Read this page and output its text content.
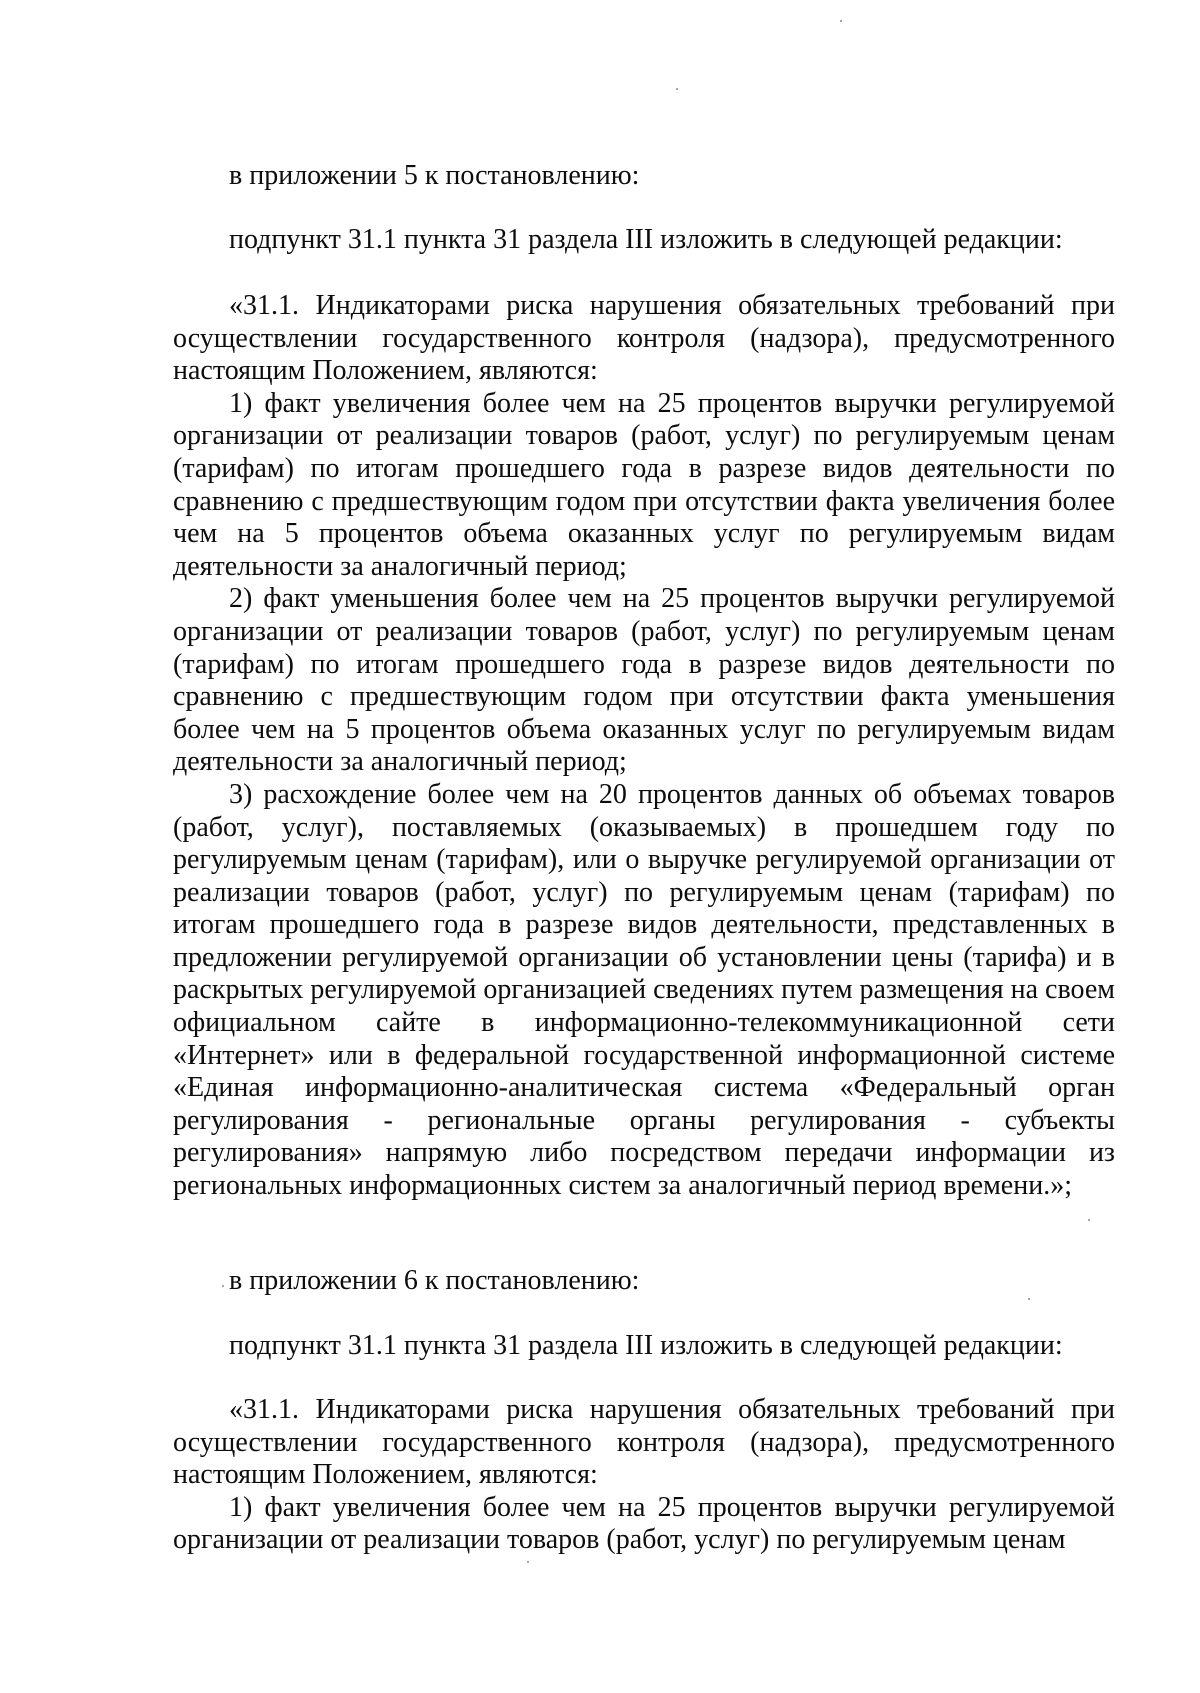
в приложении 5 к постановлению:

подпункт 31.1 пункта 31 раздела III изложить в следующей редакции:

«31.1. Индикаторами риска нарушения обязательных требований при осуществлении государственного контроля (надзора), предусмотренного настоящим Положением, являются:

1) факт увеличения более чем на 25 процентов выручки регулируемой организации от реализации товаров (работ, услуг) по регулируемым ценам (тарифам) по итогам прошедшего года в разрезе видов деятельности по сравнению с предшествующим годом при отсутствии факта увеличения более чем на 5 процентов объема оказанных услуг по регулируемым видам деятельности за аналогичный период;

2) факт уменьшения более чем на 25 процентов выручки регулируемой организации от реализации товаров (работ, услуг) по регулируемым ценам (тарифам) по итогам прошедшего года в разрезе видов деятельности по сравнению с предшествующим годом при отсутствии факта уменьшения более чем на 5 процентов объема оказанных услуг по регулируемым видам деятельности за аналогичный период;

3) расхождение более чем на 20 процентов данных об объемах товаров (работ, услуг), поставляемых (оказываемых) в прошедшем году по регулируемым ценам (тарифам), или о выручке регулируемой организации от реализации товаров (работ, услуг) по регулируемым ценам (тарифам) по итогам прошедшего года в разрезе видов деятельности, представленных в предложении регулируемой организации об установлении цены (тарифа) и в раскрытых регулируемой организацией сведениях путем размещения на своем официальном сайте в информационно-телекоммуникационной сети «Интернет» или в федеральной государственной информационной системе «Единая информационно-аналитическая система «Федеральный орган регулирования - региональные органы регулирования - субъекты регулирования» напрямую либо посредством передачи информации из региональных информационных систем за аналогичный период времени.»;

в приложении 6 к постановлению:

подпункт 31.1 пункта 31 раздела III изложить в следующей редакции:

«31.1. Индикаторами риска нарушения обязательных требований при осуществлении государственного контроля (надзора), предусмотренного настоящим Положением, являются:

1) факт увеличения более чем на 25 процентов выручки регулируемой организации от реализации товаров (работ, услуг) по регулируемым ценам
